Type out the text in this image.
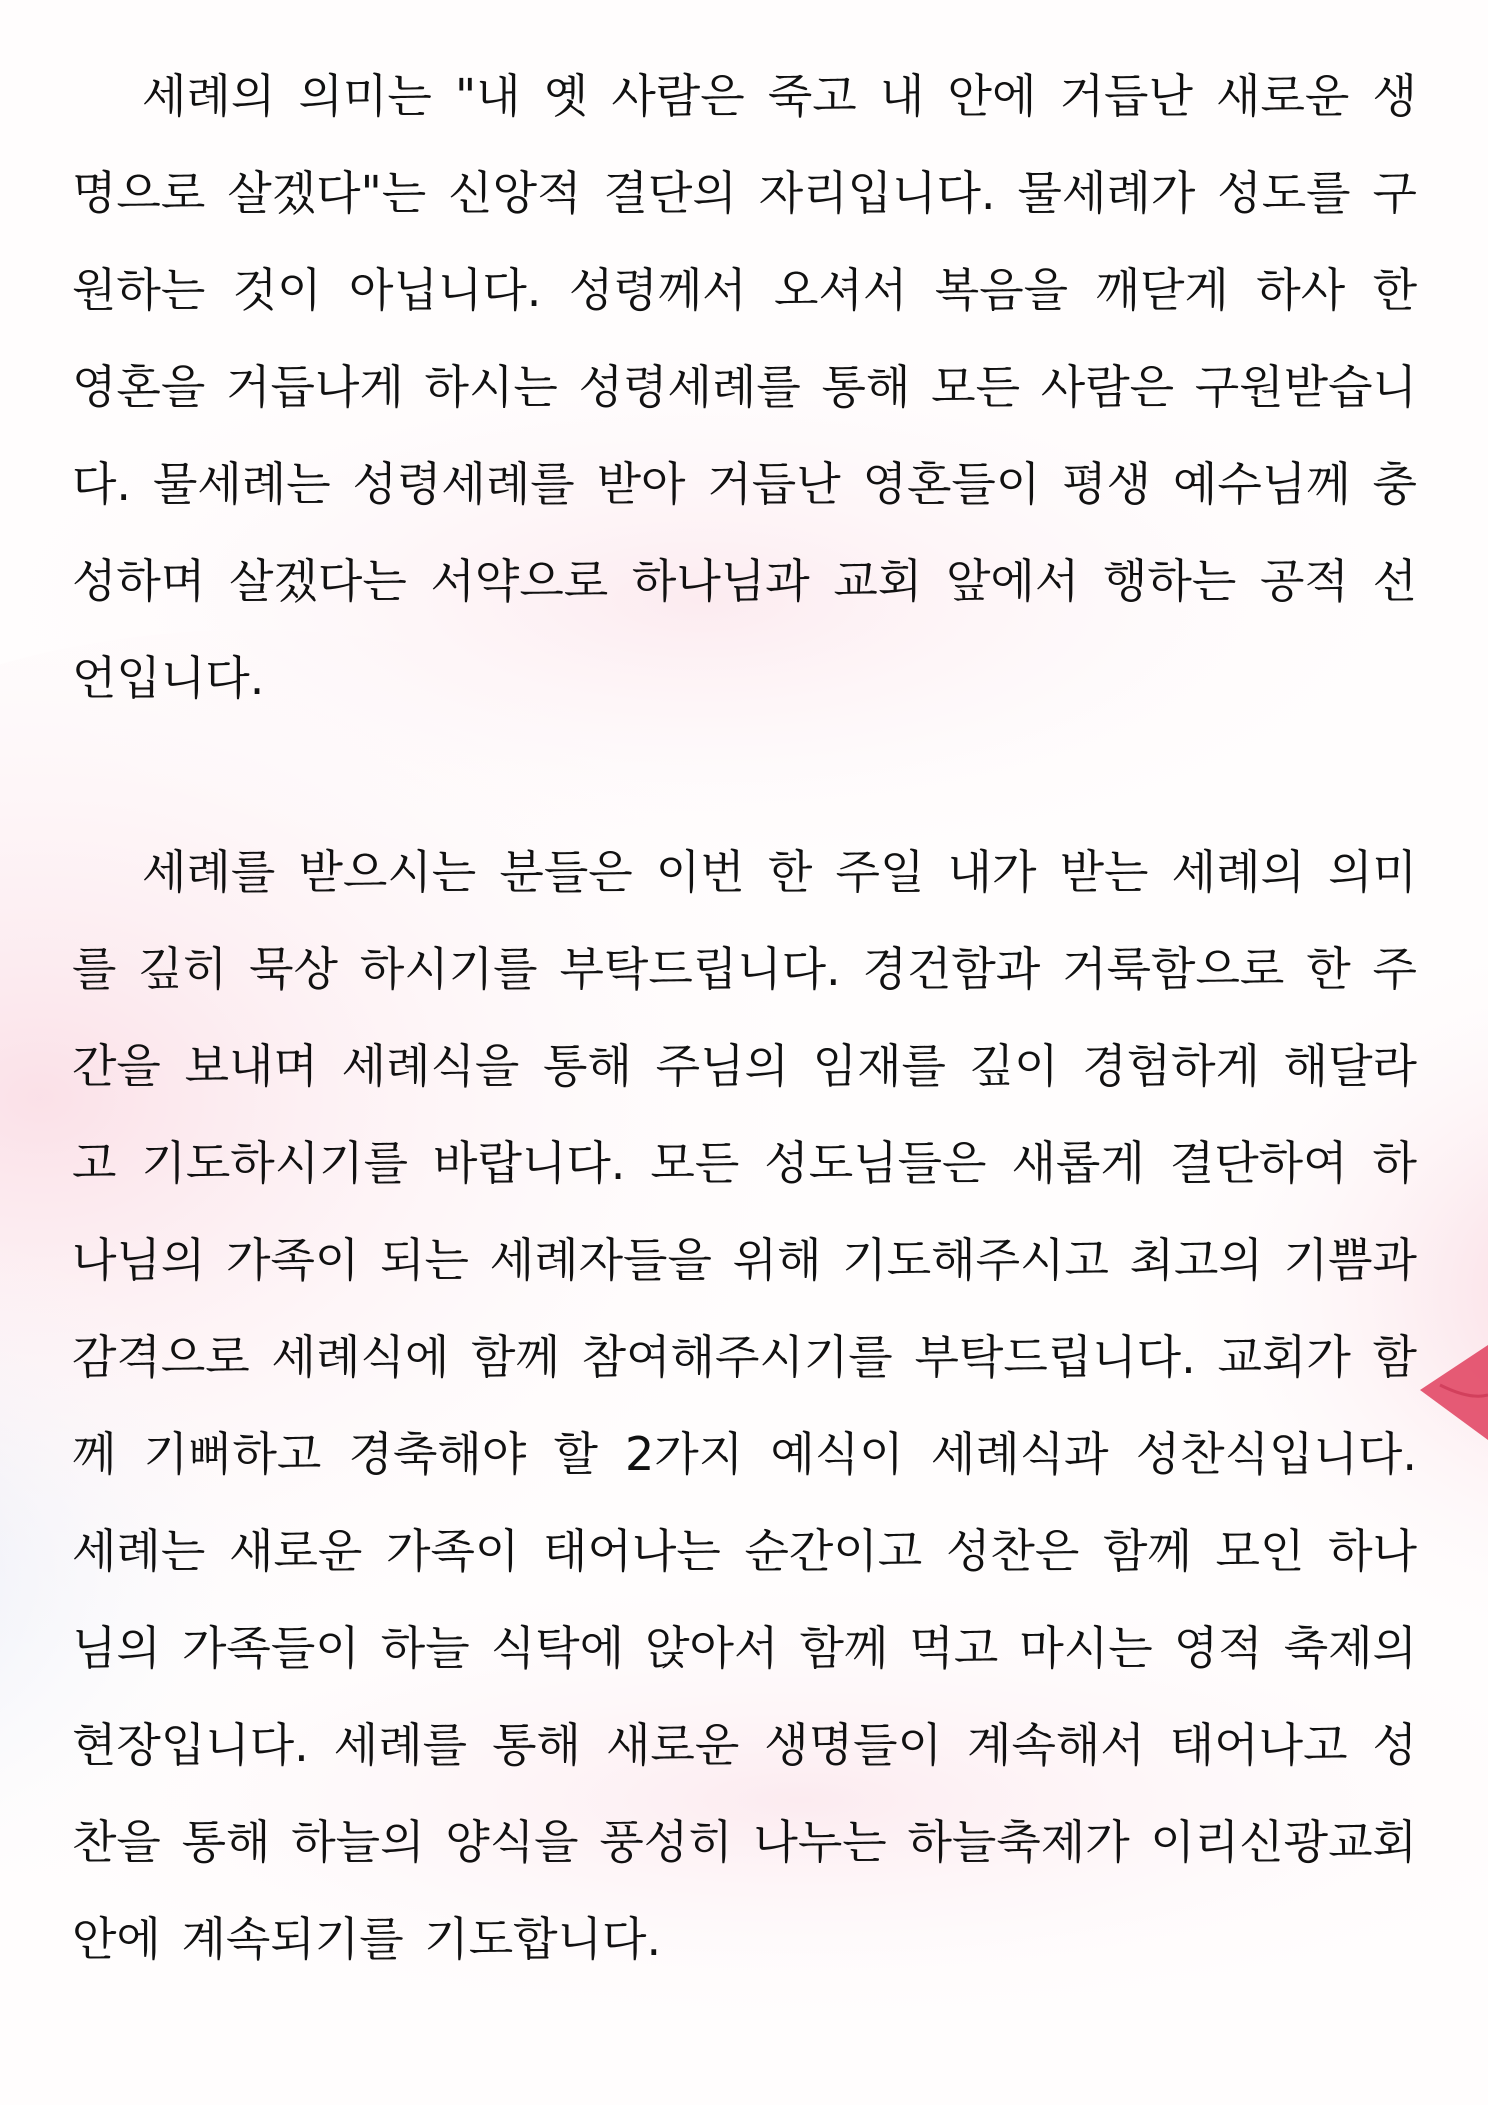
세례의 의미는 "내 옛 사람은 죽고 내 안에 거듭난 새로운 생명으로 살겠다"는 신앙적 결단의 자리입니다. 물세례가 성도를 구원하는 것이 아닙니다. 성령께서 오셔서 복음을 깨닫게 하사 한 영혼을 거듭나게 하시는 성령세례를 통해 모든 사람은 구원받습니다. 물세례는 성령세례를 받아 거듭난 영혼들이 평생 예수님께 충성하며 살겠다는 서약으로 하나님과 교회 앞에서 행하는 공적 선언입니다.

세례를 받으시는 분들은 이번 한 주일 내가 받는 세례의 의미를 깊히 묵상 하시기를 부탁드립니다. 경건함과 거룩함으로 한 주간을 보내며 세례식을 통해 주님의 임재를 깊이 경험하게 해달라고 기도하시기를 바랍니다. 모든 성도님들은 새롭게 결단하여 하나님의 가족이 되는 세례자들을 위해 기도해주시고 최고의 기쁨과 감격으로 세례식에 함께 참여해주시기를 부탁드립니다. 교회가 함께 기뻐하고 경축해야 할 2가지 예식이 세례식과 성찬식입니다. 세례는 새로운 가족이 태어나는 순간이고 성찬은 함께 모인 하나님의 가족들이 하늘 식탁에 앉아서 함께 먹고 마시는 영적 축제의 현장입니다. 세례를 통해 새로운 생명들이 계속해서 태어나고 성찬을 통해 하늘의 양식을 풍성히 나누는 하늘축제가 이리신광교회 안에 계속되기를 기도합니다.
